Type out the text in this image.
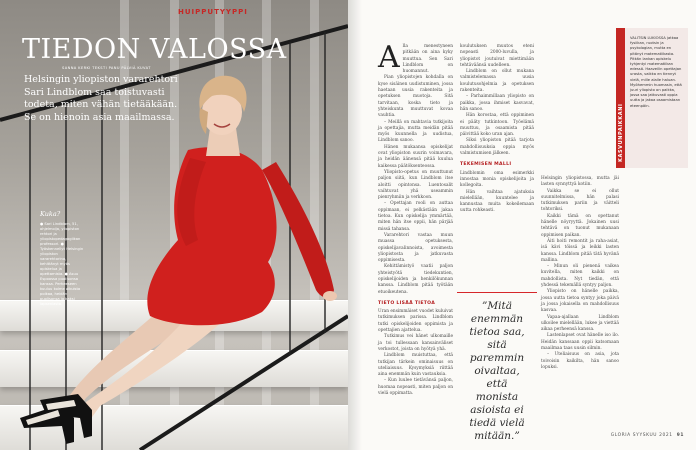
HUIPPUTYYPPI
TIEDON VALOSSA
SANNA KERKI TEKSTI PANU PÄLVIÄ KUVAT

Helsingin yliopiston vararehtori Sari Lindblom saa toistuvasti todeta, miten vähän tietääkään. Se on hienoin asia maailmassa.

Kuka?
● Sari Lindblom, 51, ohjelmoija, yliopiston rehtori ja yliopistopedagogiikan professori. ● Työskennellyt Helsingin yliopiston vararehtorina, kehittänyt myös opiskelua ja opettamista. ● Asuu Espoossa puolisonsa kanssa. Perheeseen kuuluu kolme aikuista poikaa, heidän puolisonsa ja kaksi lapsenlasta.
A lla menestyneen pitkään on aina kyky muuttua. Sen Sari Lindblom on huomannut.

Pian yliopistojen kohdalla on kyse sisäinen uudistuminen, jossa haetaan uusia rakenteita ja opetuksen muotoja. Sitä tarvitaan, koska tieto ja yhteiskunta muuttuvat kovaa vauhtia.

– Meillä on mahtavia tutkijoita ja opettajia, mutta meidän pitää myös kuunnella ja uudistua, Lindblom sanoo.

Hänen mukaansa opiskelijat ovat yliopiston suurin voimavara, ja heidän äänensä pitää kuulua kaikessa päätöksenteossa.

Yliopisto-opetus on muuttunut paljon siitä, kun Lindblom itse aloitti opintonsa. Luentosalit vaihtuvat yhä useammin pienryhmiin ja verkkoon.

– Opettajan rooli on auttaa oppimaan, ei pelkästään jakaa tietoa. Kun opiskelija ymmärtää, miten hän itse oppii, hän pärjää missä tahansa.

Vararehtori vastaa muun muassa opetuksesta, opiskelijavalinnoista, avoimesta yliopistosta ja jatkuvasta oppimisesta.

Kehittämistyö vaatii paljon yhteistyötä tiedekuntien, opiskelijoiden ja henkilökunnan kanssa. Lindblom pitää työtään etuoikeutena.

TIETO LISÄÄ TIETOA

Uran ensimmäiset vuodet kuluivat tutkimuksen parissa. Lindblom tutki opiskelijoiden oppimista ja opettajien ajattelua.

Tutkimus vei hänet ulkomaille ja toi tullessaan kansainväliset verkostot, joista on hyötyä yhä.

Lindblom muistuttaa, että tutkijan tärkein ominaisuus on uteliaisuus. Kysymyksiä riittää aina enemmän kuin vastauksia.

– Kun luulee tietävänsä paljon, huomaa nopeasti, miten paljon on vielä oppimatta.

koulutuksen muutos eteni nopeasti 2000-luvulla, ja yliopistot joutuivat miettimään tehtäväänsä uudelleen.

Lindblom on ollut mukana valmistelemassa uusia koulutusohjelmia ja opetuksen rakenteita.

– Parhaimmillaan yliopisto on paikka, jossa ihmiset kasvavat, hän sanoo.

Hän korostaa, että oppiminen ei pääty tutkintoon. Työelämä muuttuu, ja osaamista pitää päivittää koko uran ajan.

Siksi yliopiston pitää tarjota mahdollisuuksia oppia myös valmistumisen jälkeen.

TEKEMISEN MALLI

Lindblomin oma esimerkki innostaa monia opiskelijoita ja kollegoita.

Hän vaihtaa ajatuksia mielellään, kuuntelee ja kannustaa muita kokeilemaan uutta rohkeasti.

”Mitä enemmän tietoa saa, sitä paremmin oivaltaa, että monista asioista ei tiedä vielä mitään.”

Helsingin yliopistossa, mutta jäi lasten synnyttyä kotiin.

Vaikka se ei ollut suunnitelmissa, hän palasi tutkimuksen pariin ja väitteli tohtoriksi.

Kaikki tämä on opettanut hänelle nöyryyttä. Jokainen uusi tehtävä on tuonut mukanaan oppimisen paikan.

Äiti hoiti remontit ja raha-asiat, isä kävi töissä ja leikki lasten kanssa. Lindblom pitää tätä hyvänä mallina.

– Minun oli pienenä vaikea kuvitella, miten kaikki on mahdollista. Nyt tiedän, että yhdessä tekemällä syntyy paljon.

Yliopisto on hänelle paikka, jossa uutta tietoa syntyy joka päivä ja jossa jokaisella on mahdollisuus kasvaa.

Vapaa-ajallaan Lindblom ulkoilee mielellään, lukee ja viettää aikaa perheensä kanssa.

Lastenlapset ovat hänelle iso ilo. Heidän kanssaan oppii katsomaan maailmaa taas uusin silmin.

– Uteliaisuus on asia, jota toivoisin kaikilta, hän sanoo lopuksi.

KASVUNPAIKKANI
VALITSIN LUKIOSSA jatkaa fysiikan, ruotsin ja psykologian, mutta en pitänyt matematiikasta. Pitkän lankan opiskelu tyhjentyi matematiikan edessä. Haaveilin opettajan urasta, vaikka en tiennyt vielä, mille alalle haluan. Myöhemmin huomasin, että juuri yliopisto on paikka, jossa saa jatkuvasti oppia uutta ja jakaa osaamistaan eteenpäin.
GLORIA SYYSKUU 2021 91
